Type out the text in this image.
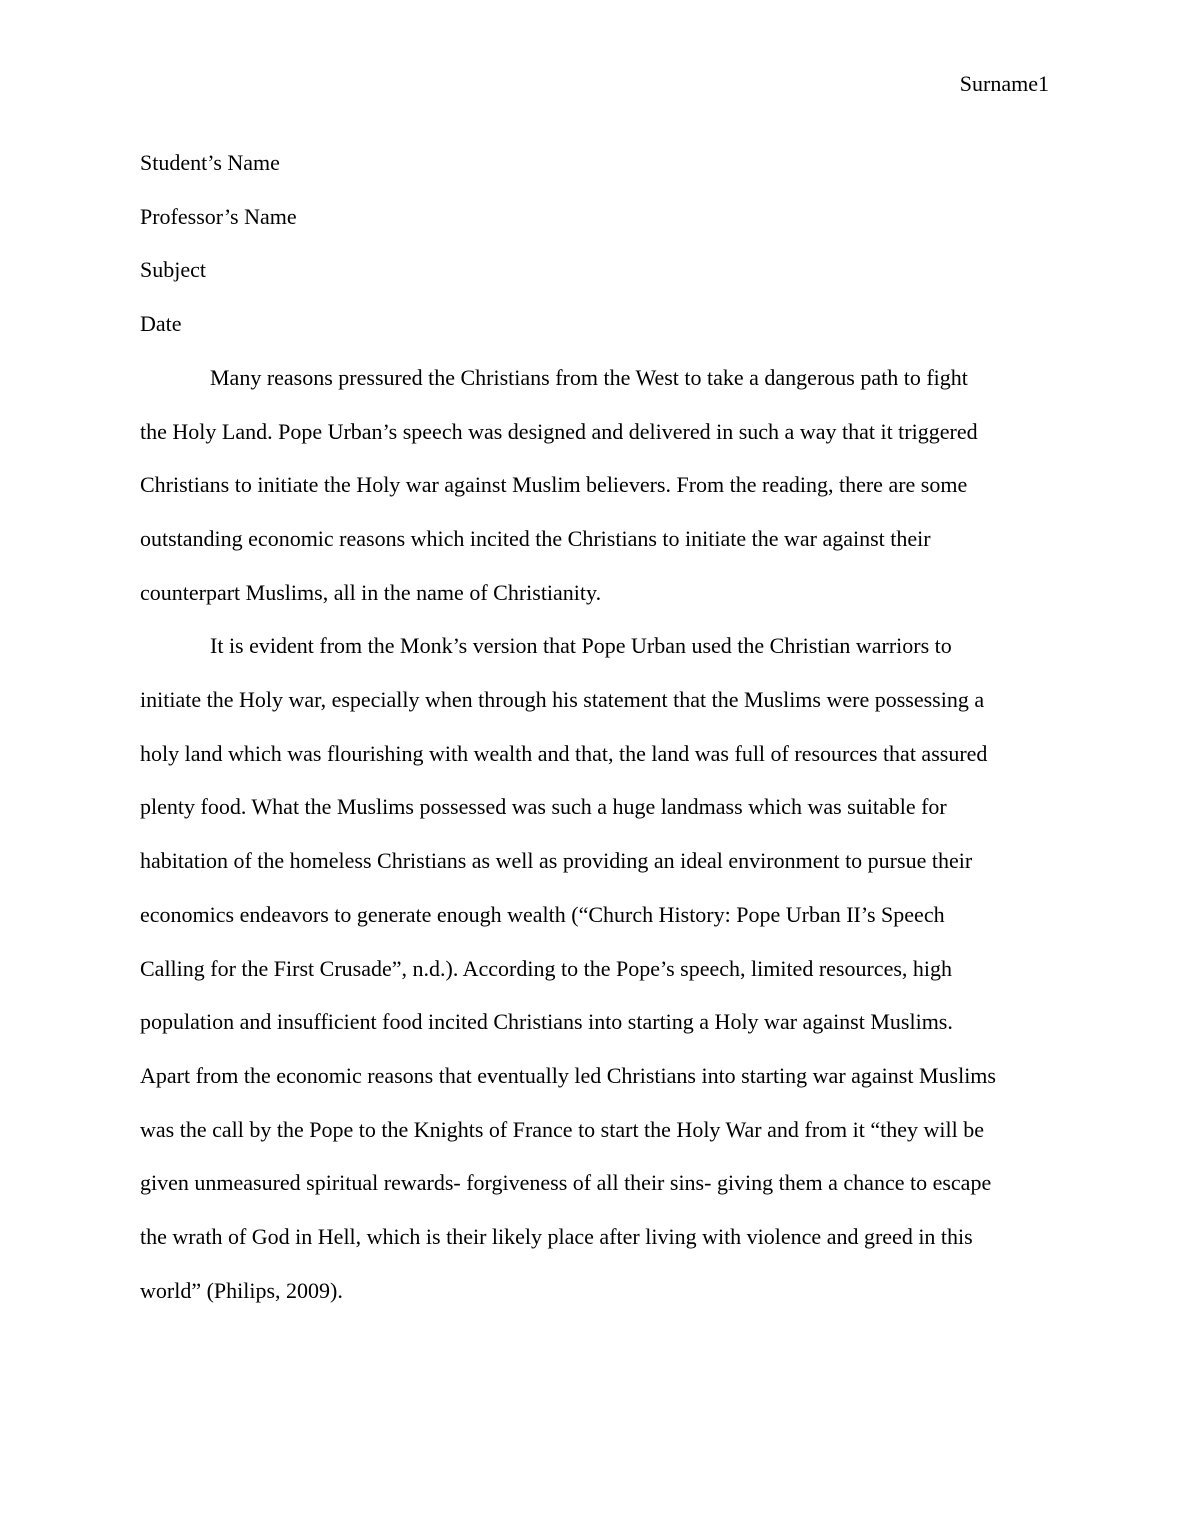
Surname1

Student’s Name

Professor’s Name

Subject

Date

Many reasons pressured the Christians from the West to take a dangerous path to fight
the Holy Land. Pope Urban’s speech was designed and delivered in such a way that it triggered
Christians to initiate the Holy war against Muslim believers. From the reading, there are some
outstanding economic reasons which incited the Christians to initiate the war against their
counterpart Muslims, all in the name of Christianity.

It is evident from the Monk’s version that Pope Urban used the Christian warriors to
initiate the Holy war, especially when through his statement that the Muslims were possessing a
holy land which was flourishing with wealth and that, the land was full of resources that assured
plenty food. What the Muslims possessed was such a huge landmass which was suitable for
habitation of the homeless Christians as well as providing an ideal environment to pursue their
economics endeavors to generate enough wealth (“Church History: Pope Urban II’s Speech
Calling for the First Crusade”, n.d.). According to the Pope’s speech, limited resources, high
population and insufficient food incited Christians into starting a Holy war against Muslims.
Apart from the economic reasons that eventually led Christians into starting war against Muslims
was the call by the Pope to the Knights of France to start the Holy War and from it “they will be
given unmeasured spiritual rewards- forgiveness of all their sins- giving them a chance to escape
the wrath of God in Hell, which is their likely place after living with violence and greed in this
world” (Philips, 2009).
